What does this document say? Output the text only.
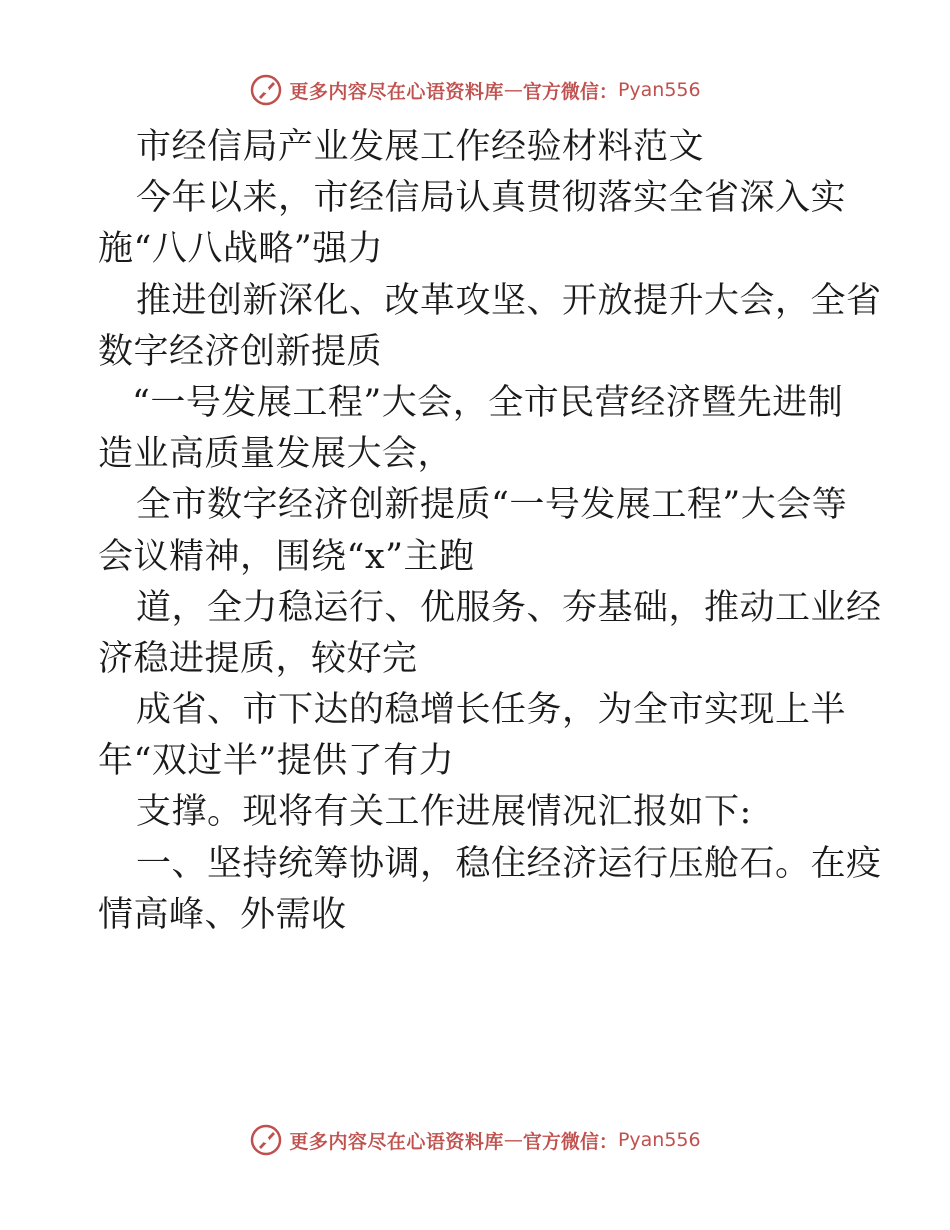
更多内容尽在心语资料库 — 官方微信： Pyan556
市经信局产业发展工作经验材料范文
今年以来，市经信局认真贯彻落实全省深入实
施“八八战略”强力
推进创新深化、改革攻坚、开放提升大会，全省
数字经济创新提质
“一号发展工程”大会，全市民营经济暨先进制
造业高质量发展大会，
全市数字经济创新提质“一号发展工程”大会等
会议精神，围绕“x”主跑
道，全力稳运行、优服务、夯基础，推动工业经
济稳进提质，较好完
成省、市下达的稳增长任务，为全市实现上半
年“双过半”提供了有力
支撑。现将有关工作进展情况汇报如下:
一、坚持统筹协调，稳住经济运行压舱石。在疫
情高峰、外需收
更多内容尽在心语资料库 — 官方微信： Pyan556
